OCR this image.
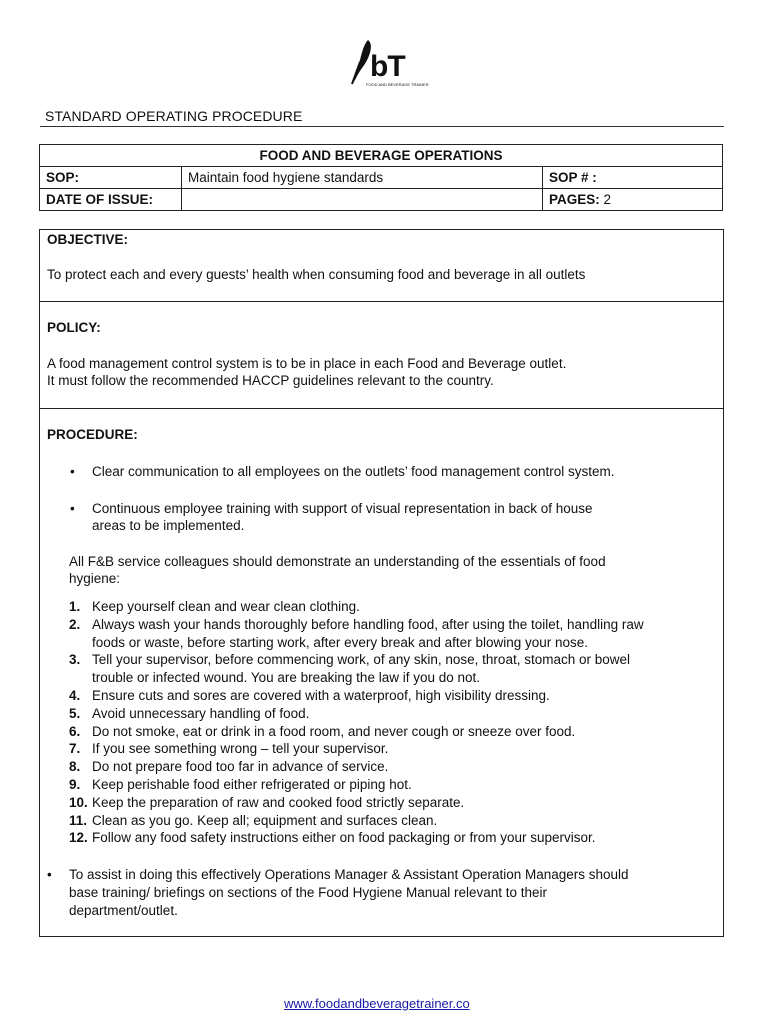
bT
FOOD AND BEVERAGE TRAINER
STANDARD OPERATING PROCEDURE
FOOD AND BEVERAGE OPERATIONS		
SOP:	Maintain food hygiene standards	SOP # :
DATE OF ISSUE:		PAGES: 2
OBJECTIVE:
To protect each and every guests’ health when consuming food and beverage in all outlets
POLICY:
A food management control system is to be in place in each Food and Beverage outlet.
It must follow the recommended HACCP guidelines relevant to the country.
PROCEDURE:
• Clear communication to all employees on the outlets’ food management control system.
• Continuous employee training with support of visual representation in back of house
areas to be implemented.
All F&B service colleagues should demonstrate an understanding of the essentials of food
hygiene:
1. Keep yourself clean and wear clean clothing.
2. Always wash your hands thoroughly before handling food, after using the toilet, handling raw
foods or waste, before starting work, after every break and after blowing your nose.
3. Tell your supervisor, before commencing work, of any skin, nose, throat, stomach or bowel
trouble or infected wound. You are breaking the law if you do not.
4. Ensure cuts and sores are covered with a waterproof, high visibility dressing.
5. Avoid unnecessary handling of food.
6. Do not smoke, eat or drink in a food room, and never cough or sneeze over food.
7. If you see something wrong – tell your supervisor.
8. Do not prepare food too far in advance of service.
9. Keep perishable food either refrigerated or piping hot.
10. Keep the preparation of raw and cooked food strictly separate.
11. Clean as you go. Keep all; equipment and surfaces clean.
12. Follow any food safety instructions either on food packaging or from your supervisor.
• To assist in doing this effectively Operations Manager & Assistant Operation Managers should
base training/ briefings on sections of the Food Hygiene Manual relevant to their
department/outlet.
www.foodandbeveragetrainer.co
